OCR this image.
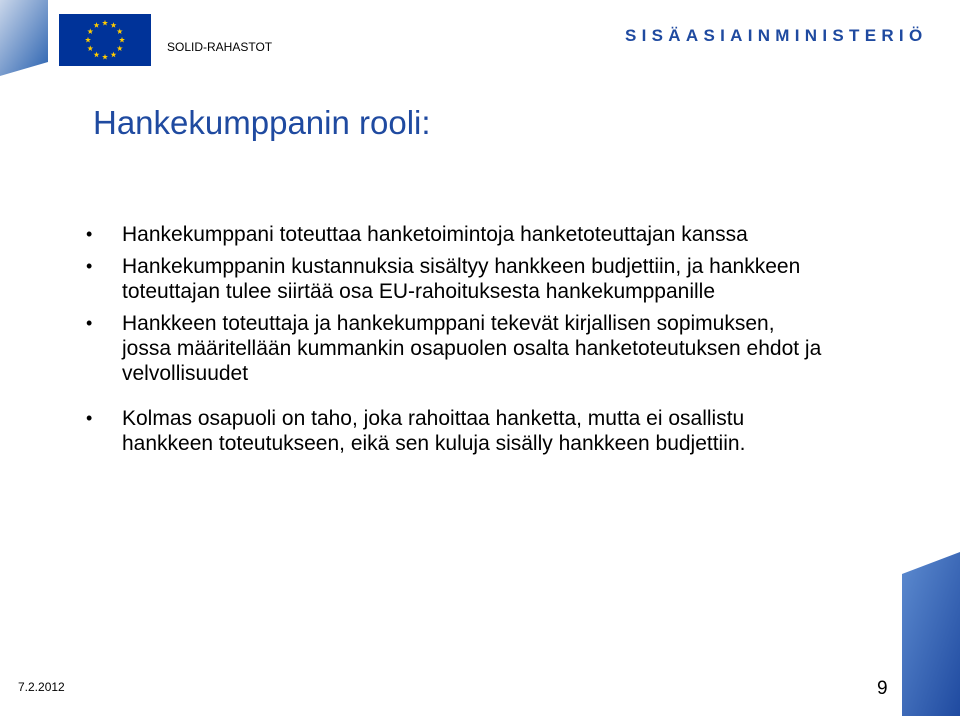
SOLID-RAHASTOT
SISÄASIAINMINISTERIÖ
Hankekumppanin rooli:
• Hankekumppani toteuttaa hanketoimintoja hanketoteuttajan kanssa
• Hankekumppanin kustannuksia sisältyy hankkeen budjettiin, ja hankkeen toteuttajan tulee siirtää osa EU-rahoituksesta hankekumppanille
• Hankkeen toteuttaja ja hankekumppani tekevät kirjallisen sopimuksen, jossa määritellään kummankin osapuolen osalta hanketoteutuksen ehdot ja velvollisuudet
• Kolmas osapuoli on taho, joka rahoittaa hanketta, mutta ei osallistu hankkeen toteutukseen, eikä sen kuluja sisälly hankkeen budjettiin.
7.2.2012	9
